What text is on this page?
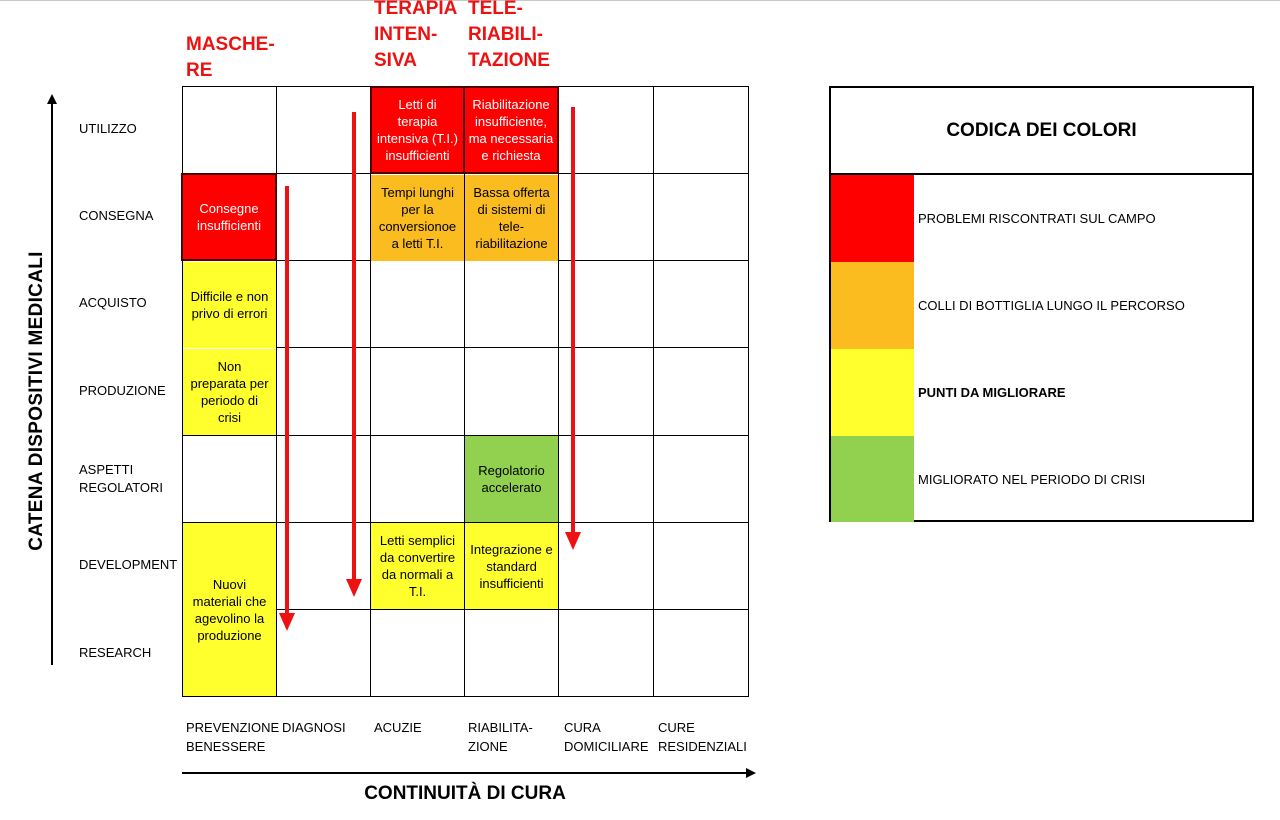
MASCHE-
RE
TERAPIA
INTEN-
SIVA
TELE-
RIABILI-
TAZIONE
Letti di
terapia
intensiva (T.I.)
insufficienti
Riabilitazione
insufficiente,
ma necessaria
e richiesta
Consegne
insufficienti
Tempi lunghi
per la
conversionoe
a letti T.I.
Bassa offerta
di sistemi di
tele-
riabilitazione
Difficile e non
privo di errori
Non
preparata per
periodo di
crisi
Regolatorio
accelerato
Nuovi
materiali che
agevolino la
produzione
Letti semplici
da convertire
da normali a
T.I.
Integrazione e
standard
insufficienti
UTILIZZO
CONSEGNA
ACQUISTO
PRODUZIONE
ASPETTI
REGOLATORI
DEVELOPMENT
RESEARCH
PREVENZIONE
BENESSERE
DIAGNOSI ACUZIE	RIABILITA-
ZIONE
CURA
DOMICILIARE
CURE
RESIDENZIALI
CATENA DISPOSITIVI MEDICALI
CONTINUITÀ DI CURA
CODICA DEI COLORI
PROBLEMI RISCONTRATI SUL CAMPO
COLLI DI BOTTIGLIA LUNGO IL PERCORSO
PUNTI DA MIGLIORARE
MIGLIORATO NEL PERIODO DI CRISI
